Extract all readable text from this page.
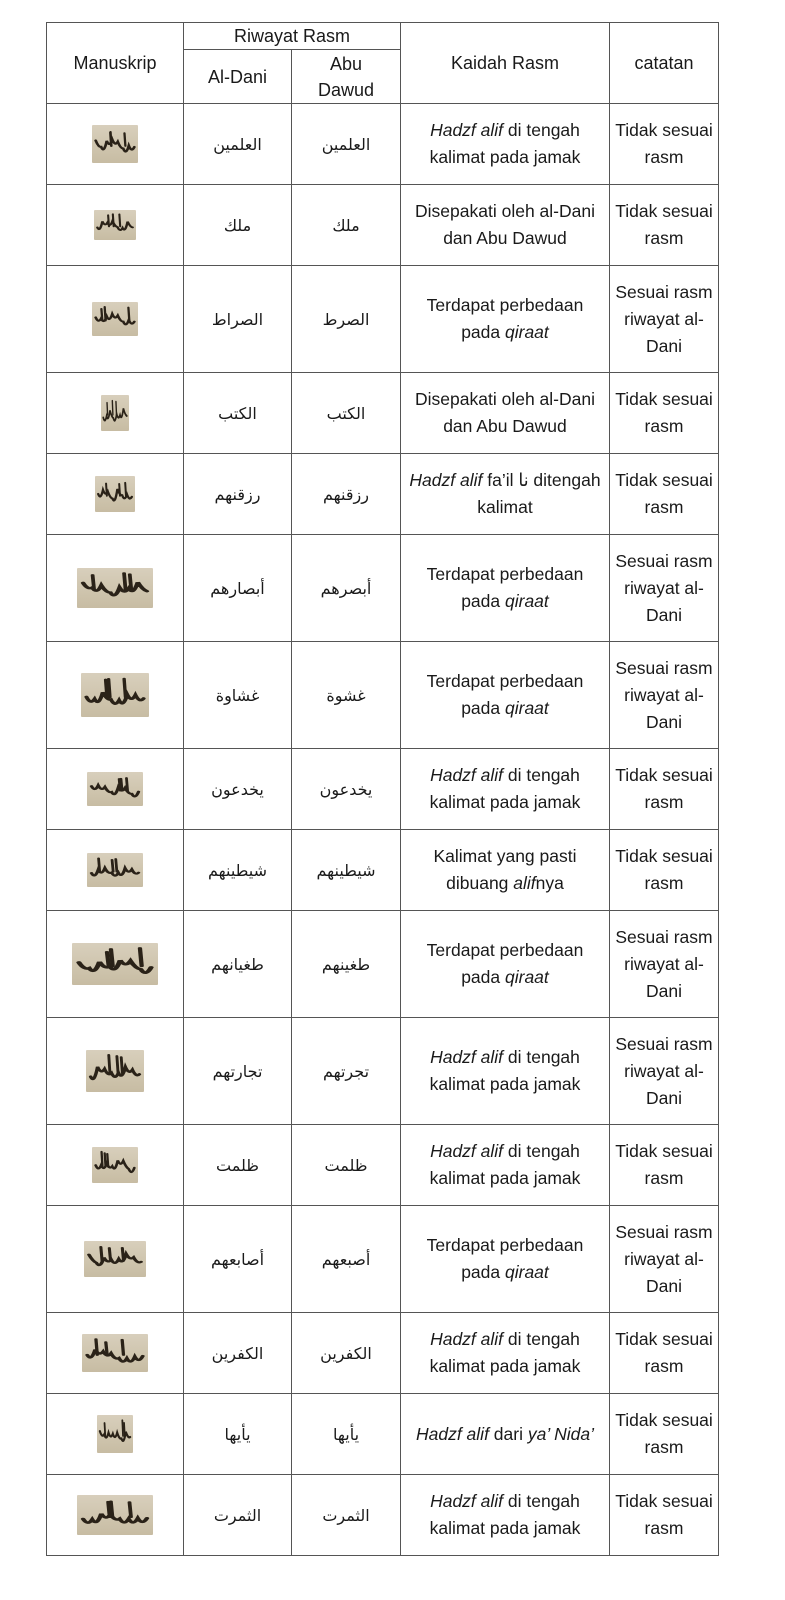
Manuskrip	Riwayat Rasm		Kaidah Rasm	catatan
	Al-Dani	Abu Dawud		

	العلمين	العلمين	Hadzf alif di tengah kalimat pada jamak	Tidak sesuai rasm

	ملك	ملك	Disepakati oleh al-Dani dan Abu Dawud	Tidak sesuai rasm

	الصراط	الصرط	Terdapat perbedaan pada qiraat	Sesuai rasm riwayat al-Dani

	الكتب	الكتب	Disepakati oleh al-Dani dan Abu Dawud	Tidak sesuai rasm

	رزقنهم	رزقنهم	Hadzf alif fa’il نا ditengah kalimat	Tidak sesuai rasm

	أبصارهم	أبصرهم	Terdapat perbedaan pada qiraat	Sesuai rasm riwayat al-Dani

	غشاوة	غشوة	Terdapat perbedaan pada qiraat	Sesuai rasm riwayat al-Dani

	يخدعون	يخدعون	Hadzf alif di tengah kalimat pada jamak	Tidak sesuai rasm

	شيطينهم	شيطينهم	Kalimat yang pasti dibuang alifnya	Tidak sesuai rasm

	طغيانهم	طغينهم	Terdapat perbedaan pada qiraat	Sesuai rasm riwayat al-Dani

	تجارتهم	تجرتهم	Hadzf alif di tengah kalimat pada jamak	Sesuai rasm riwayat al-Dani

	ظلمت	ظلمت	Hadzf alif di tengah kalimat pada jamak	Tidak sesuai rasm

	أصابعهم	أصبعهم	Terdapat perbedaan pada qiraat	Sesuai rasm riwayat al-Dani

	الكفرين	الكفرين	Hadzf alif di tengah kalimat pada jamak	Tidak sesuai rasm

	يأيها	يأيها	Hadzf alif dari ya’ Nida’	Tidak sesuai rasm

	الثمرت	الثمرت	Hadzf alif di tengah kalimat pada jamak	Tidak sesuai rasm
